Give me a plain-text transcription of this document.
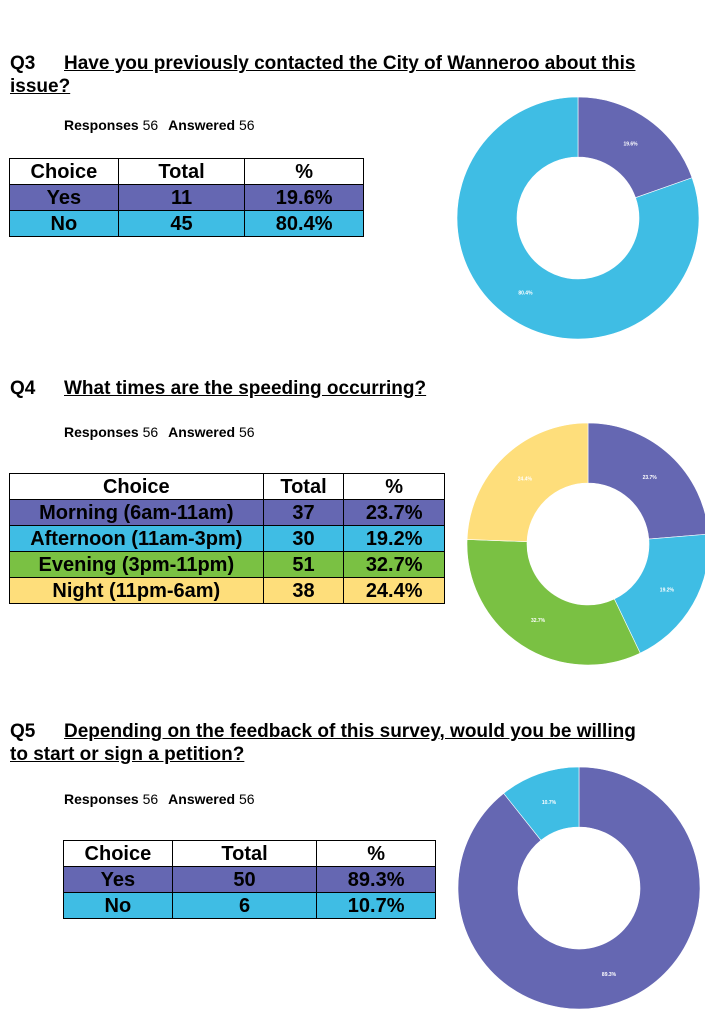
Q3 Have you previously contacted the City of Wanneroo about this issue?
Responses 56 Answered 56
Choice	Total	%
Yes	11	19.6%
No	45	80.4%
19.6%
80.4%
Q4 What times are the speeding occurring?
Responses 56 Answered 56
Choice	Total	%
Morning (6am-11am)	37	23.7%
Afternoon (11am-3pm)	30	19.2%
Evening (3pm-11pm)	51	32.7%
Night (11pm-6am)	38	24.4%
23.7%
19.2%
32.7%
24.4%
Q5 Depending on the feedback of this survey, would you be willing to start or sign a petition?
Responses 56 Answered 56
Choice	Total	%
Yes	50	89.3%
No	6	10.7%
89.3%
10.7%
